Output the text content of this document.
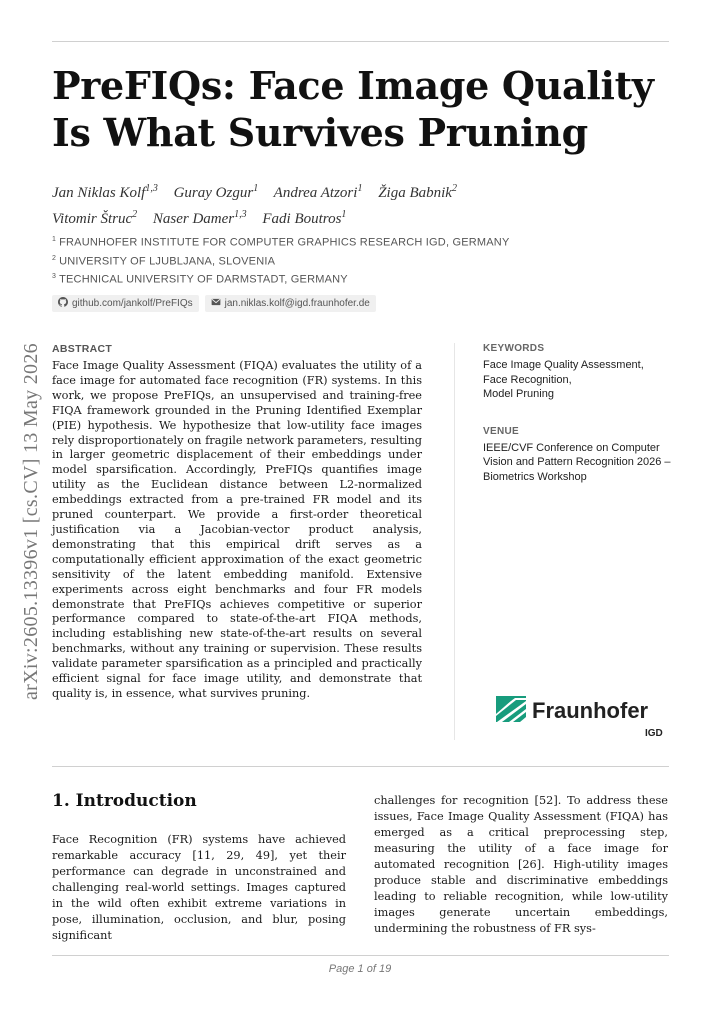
PreFIQs: Face Image Quality Is What Survives Pruning
Jan Niklas Kolf$^{1,3}$ Guray Ozgur$^1$ Andrea Atzori$^1$ Žiga Babnik$^2$
Vitomir Štruc$^2$ Naser Damer$^{1,3}$ Fadi Boutros$^1$
$^1$ FRAUNHOFER INSTITUTE FOR COMPUTER GRAPHICS RESEARCH IGD, GERMANY
$^2$ UNIVERSITY OF LJUBLJANA, SLOVENIA
$^3$ TECHNICAL UNIVERSITY OF DARMSTADT, GERMANY
github.com/jankolf/PreFIQs	jan.niklas.kolf@igd.fraunhofer.de
arXiv:2605.13396v1 [cs.CV] 13 May 2026 ABSTRACT

Face Image Quality Assessment (FIQA) evaluates the utility of a face image for automated face recognition (FR) systems. In this work, we propose PreFIQs, an unsupervised and training-free FIQA framework grounded in the Pruning Identified Exemplar (PIE) hypothesis. We hypothesize that low-utility face images rely disproportionately on fragile network parameters, resulting in larger geometric displacement of their embeddings under model sparsification. Accordingly, PreFIQs quantifies image utility as the Euclidean distance between L2-normalized embeddings extracted from a pre-trained FR model and its pruned counterpart. We provide a first-order theoretical justification via a Jacobian-vector product analysis, demonstrating that this empirical drift serves as a computationally efficient approximation of the exact geometric sensitivity of the latent embedding manifold. Extensive experiments across eight benchmarks and four FR models demonstrate that PreFIQs achieves competitive or superior performance compared to state-of-the-art FIQA methods, including establishing new state-of-the-art results on several benchmarks, without any training or supervision. These results validate parameter sparsification as a principled and practically efficient signal for face image utility, and demonstrate that quality is, in essence, what survives pruning.

KEYWORDS
Face Image Quality Assessment,
Face Recognition,
Model Pruning
VENUE
IEEE/CVF Conference on Computer Vision and Pattern Recognition 2026 – Biometrics Workshop
Fraunhofer
IGD
1. Introduction

Face Recognition (FR) systems have achieved remarkable accuracy [11, 29, 49], yet their performance can degrade in unconstrained and challenging real-world settings. Images captured in the wild often exhibit extreme variations in pose, illumination, occlusion, and blur, posing significant

challenges for recognition [52]. To address these issues, Face Image Quality Assessment (FIQA) has emerged as a critical preprocessing step, measuring the utility of a face image for automated recognition [26]. High-utility images produce stable and discriminative embeddings leading to reliable recognition, while low-utility images generate uncertain embeddings, undermining the robustness of FR sys-

Page 1 of 19
